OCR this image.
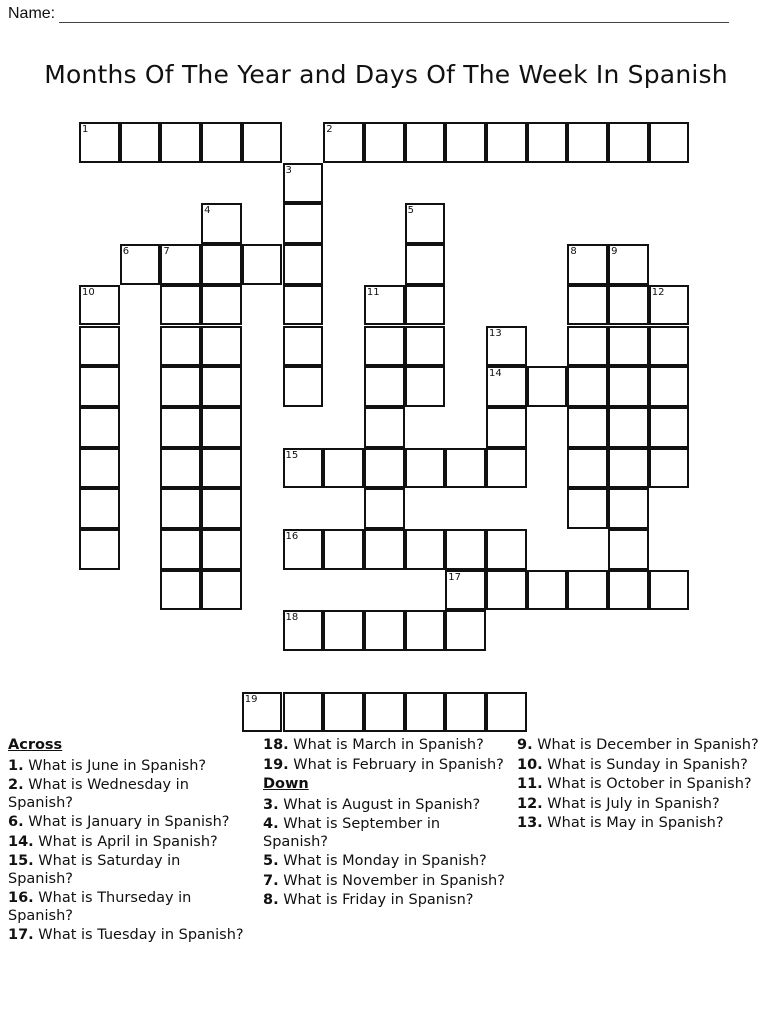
Name:
Months Of The Year and Days Of The Week In Spanish
1	2
3
4	5
6	7	8	9
10	11	12
13
14
15
16
17
18
19
Across
1. What is June in Spanish?
2. What is Wednesday in Spanish?
6. What is January in Spanish?
14. What is April in Spanish?
15. What is Saturday in Spanish?
16. What is Thurseday in Spanish?
17. What is Tuesday in Spanish?
18. What is March in Spanish?
19. What is February in Spanish?
Down
3. What is August in Spanish?
4. What is September in Spanish?
5. What is Monday in Spanish?
7. What is November in Spanish?
8. What is Friday in Spanisn?
9. What is December in Spanish?
10. What is Sunday in Spanish?
11. What is October in Spanish?
12. What is July in Spanish?
13. What is May in Spanish?
